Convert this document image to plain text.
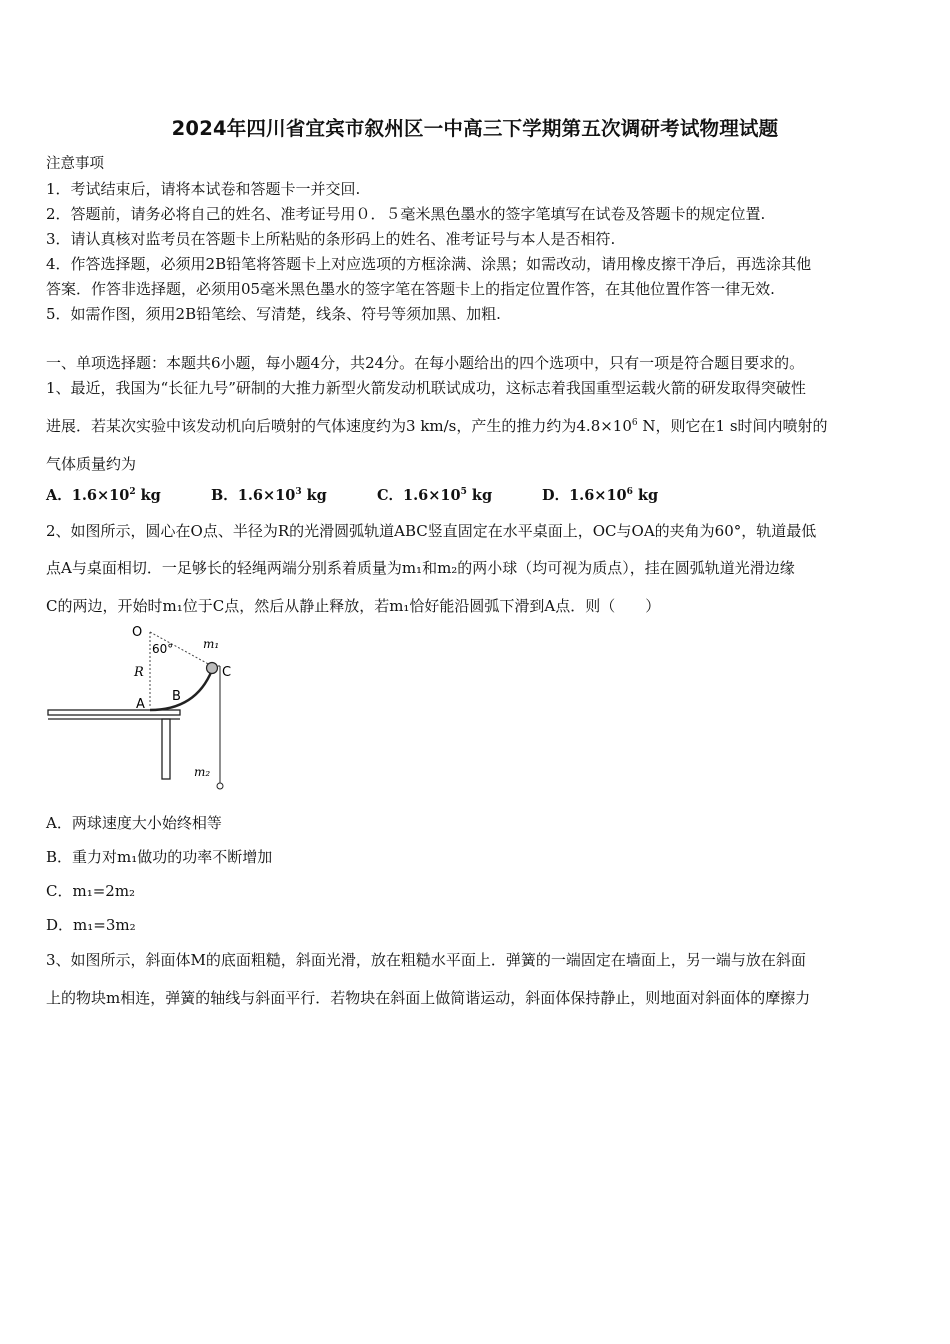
2024年四川省宜宾市叙州区一中高三下学期第五次调研考试物理试题
注意事项
1．考试结束后，请将本试卷和答题卡一并交回.
2．答题前，请务必将自己的姓名、准考证号用０．５毫米黑色墨水的签字笔填写在试卷及答题卡的规定位置.
3．请认真核对监考员在答题卡上所粘贴的条形码上的姓名、准考证号与本人是否相符.
4．作答选择题，必须用2B铅笔将答题卡上对应选项的方框涂满、涂黑；如需改动，请用橡皮擦干净后，再选涂其他
答案．作答非选择题，必须用05毫米黑色墨水的签字笔在答题卡上的指定位置作答，在其他位置作答一律无效.
5．如需作图，须用2B铅笔绘、写清楚，线条、符号等须加黑、加粗.
一、单项选择题：本题共6小题，每小题4分，共24分。在每小题给出的四个选项中，只有一项是符合题目要求的。
1、最近，我国为“长征九号”研制的大推力新型火箭发动机联试成功，这标志着我国重型运载火箭的研发取得突破性
进展．若某次实验中该发动机向后喷射的气体速度约为3 km/s，产生的推力约为$4.8\times 10^6$ N，则它在1 s时间内喷射的
气体质量约为
A．$1.6\times 10^2$ kg	B．$1.6\times 10^3$ kg	C．$1.6\times 10^5$ kg	D．$1.6\times 10^6$ kg
2、如图所示，圆心在O点、半径为R的光滑圆弧轨道ABC竖直固定在水平桌面上，OC与OA的夹角为60°，轨道最低
点A与桌面相切．一足够长的轻绳两端分别系着质量为m₁和m₂的两小球（均可视为质点），挂在圆弧轨道光滑边缘
C的两边，开始时m₁位于C点，然后从静止释放，若m₁恰好能沿圆弧下滑到A点．则（　　）
O
60° m₁
C
R
B
A
m₂
A．两球速度大小始终相等
B．重力对m₁做功的功率不断增加
C．m₁=2m₂
D．m₁=3m₂
3、如图所示，斜面体M的底面粗糙，斜面光滑，放在粗糙水平面上．弹簧的一端固定在墙面上，另一端与放在斜面
上的物块m相连，弹簧的轴线与斜面平行．若物块在斜面上做简谐运动，斜面体保持静止，则地面对斜面体的摩擦力
